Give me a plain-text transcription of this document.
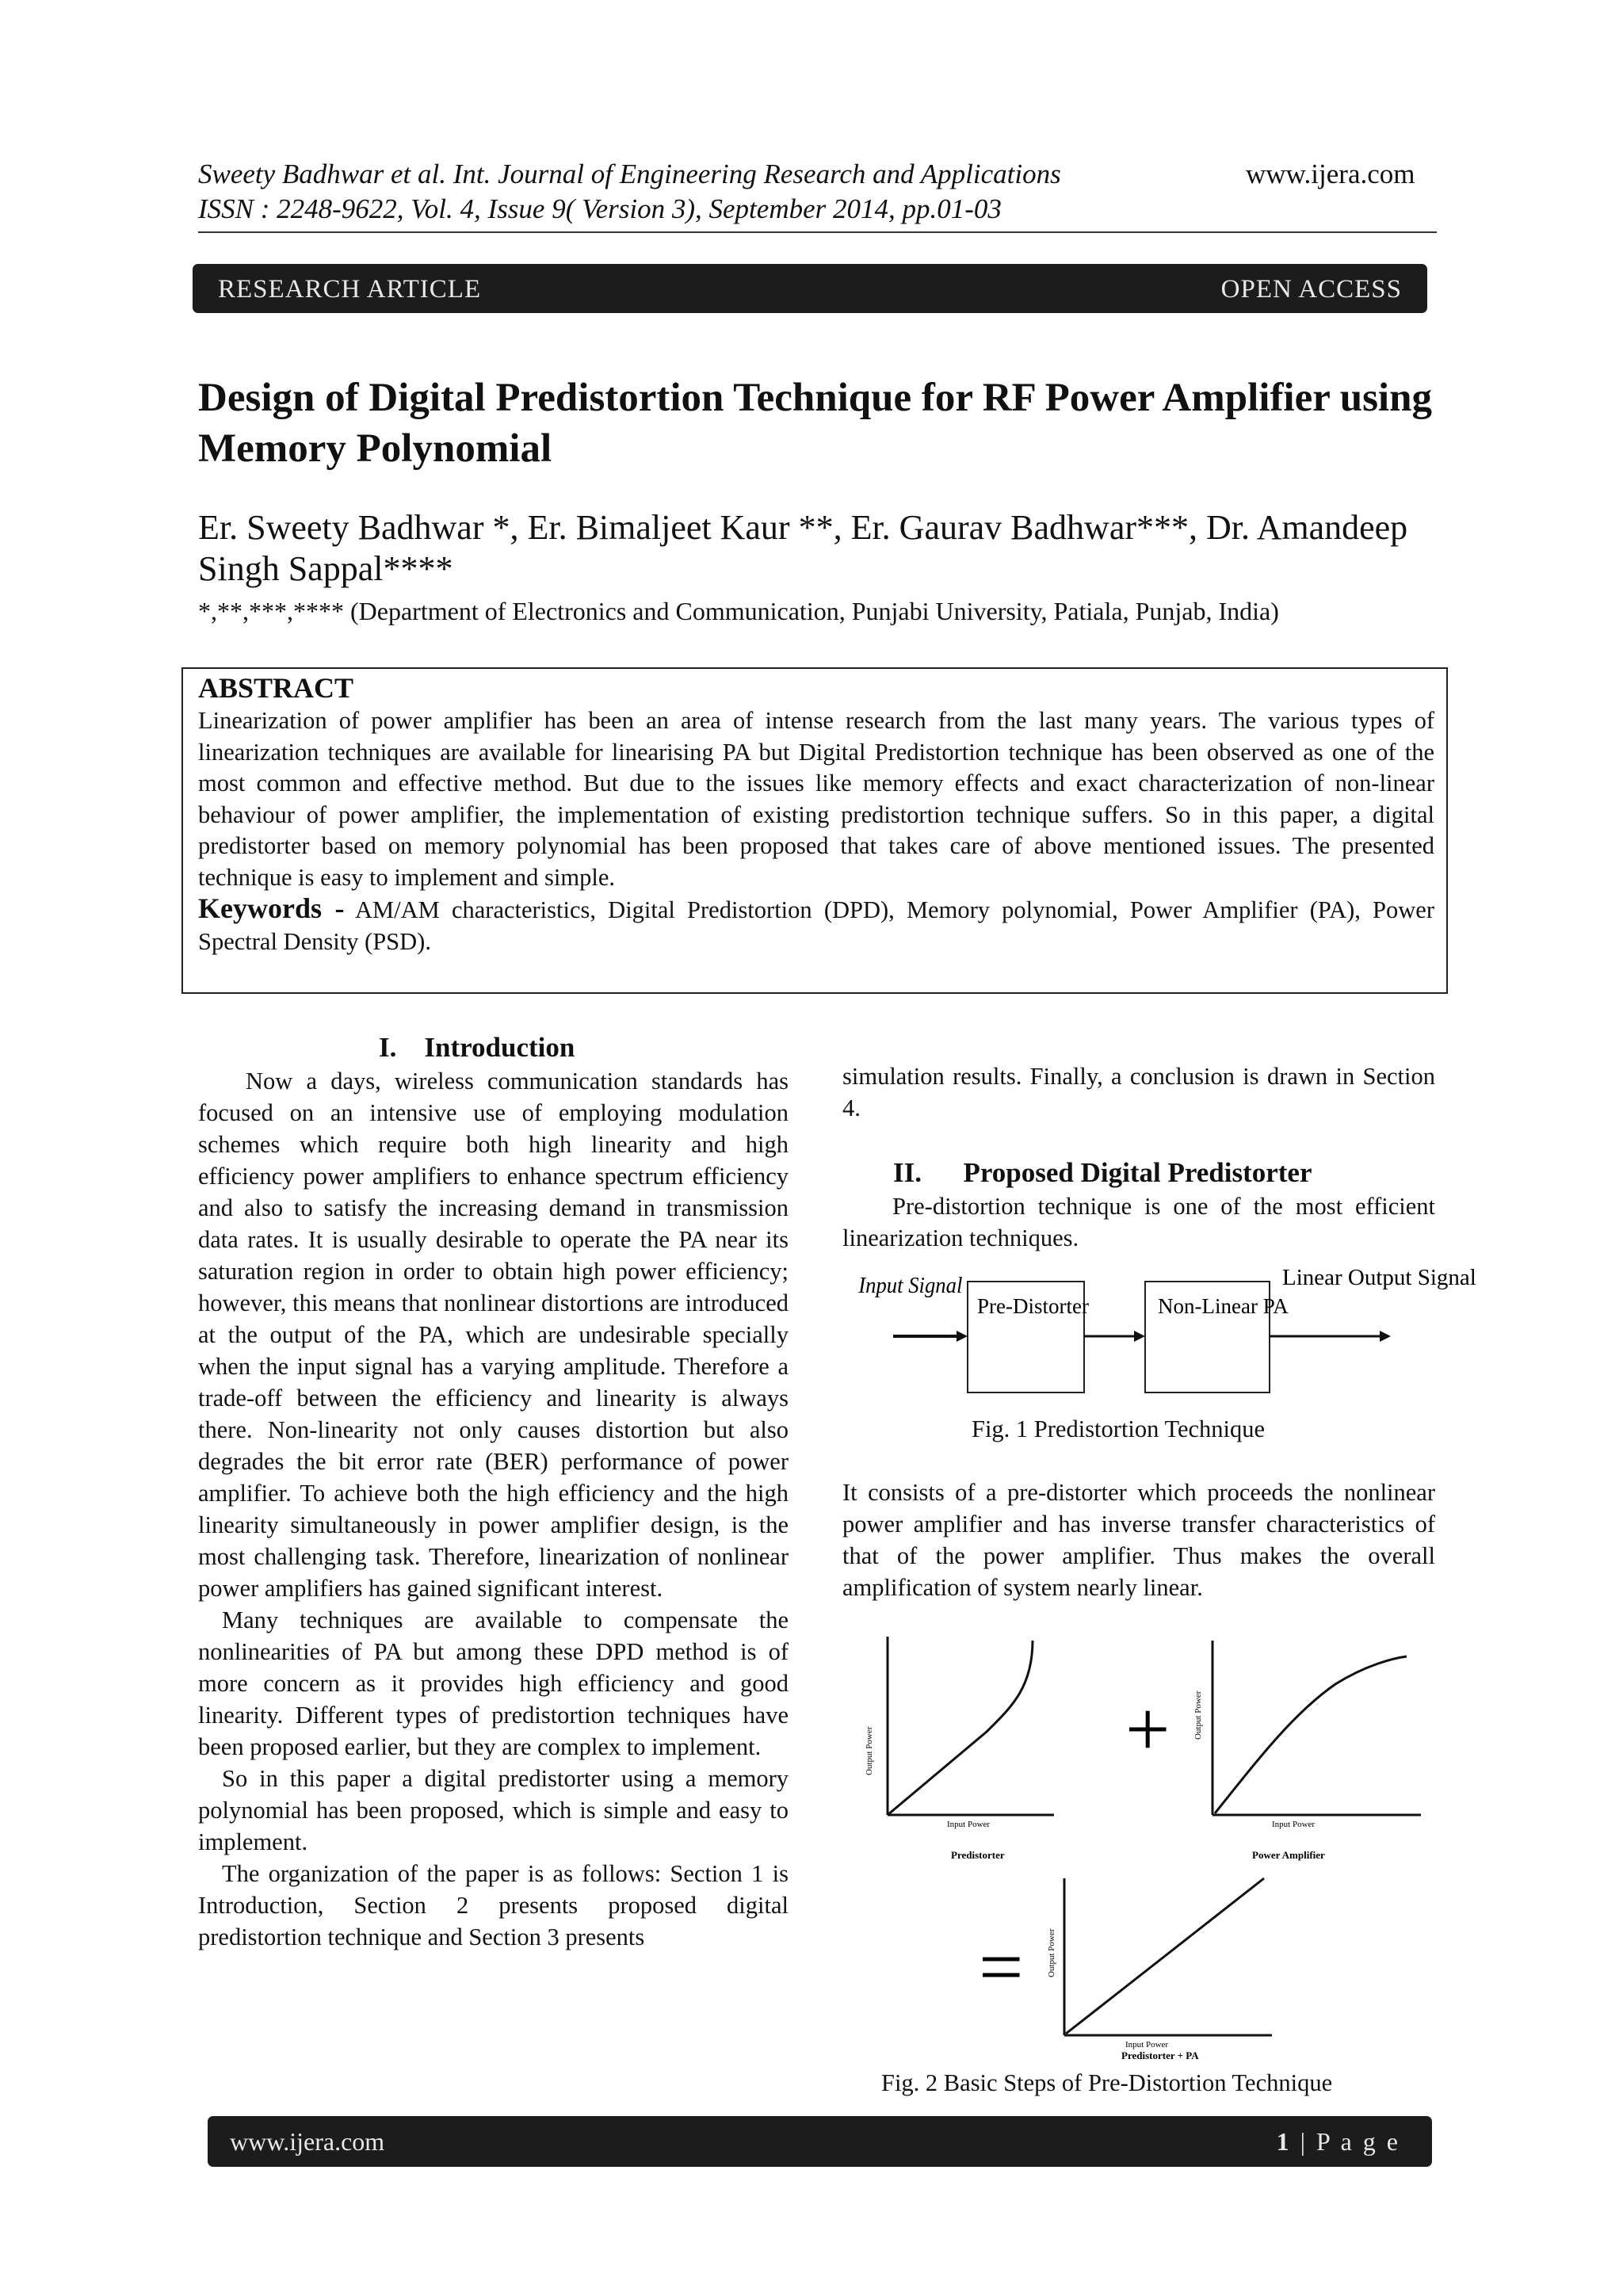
Sweety Badhwar et al. Int. Journal of Engineering Research and Applications	www.ijera.com
ISSN : 2248-9622, Vol. 4, Issue 9( Version 3), September 2014, pp.01-03
RESEARCH ARTICLE	OPEN ACCESS
Design of Digital Predistortion Technique for RF Power Amplifier using Memory Polynomial
Er. Sweety Badhwar *, Er. Bimaljeet Kaur **, Er. Gaurav Badhwar***, Dr. Amandeep Singh Sappal****
*,**,***,**** (Department of Electronics and Communication, Punjabi University, Patiala, Punjab, India)
ABSTRACT
Linearization of power amplifier has been an area of intense research from the last many years. The various types of linearization techniques are available for linearising PA but Digital Predistortion technique has been observed as one of the most common and effective method. But due to the issues like memory effects and exact characterization of non-linear behaviour of power amplifier, the implementation of existing predistortion technique suffers. So in this paper, a digital predistorter based on memory polynomial has been proposed that takes care of above mentioned issues. The presented technique is easy to implement and simple.
Keywords - AM/AM characteristics, Digital Predistortion (DPD), Memory polynomial, Power Amplifier (PA), Power Spectral Density (PSD).
I.    Introduction
Now a days, wireless communication standards has focused on an intensive use of employing modulation schemes which require both high linearity and high efficiency power amplifiers to enhance spectrum efficiency and also to satisfy the increasing demand in transmission data rates. It is usually desirable to operate the PA near its saturation region in order to obtain high power efficiency; however, this means that nonlinear distortions are introduced at the output of the PA, which are undesirable specially when the input signal has a varying amplitude. Therefore a trade-off between the efficiency and linearity is always there. Non-linearity not only causes distortion but also degrades the bit error rate (BER) performance of power amplifier. To achieve both the high efficiency and the high linearity simultaneously in power amplifier design, is the most challenging task. Therefore, linearization of nonlinear power amplifiers has gained significant interest.
Many techniques are available to compensate the nonlinearities of PA but among these DPD method is of more concern as it provides high efficiency and good linearity. Different types of predistortion techniques have been proposed earlier, but they are complex to implement.
So in this paper a digital predistorter using a memory polynomial has been proposed, which is simple and easy to implement.
The organization of the paper is as follows: Section 1 is Introduction, Section 2 presents proposed digital predistortion technique and Section 3 presents
simulation results. Finally, a conclusion is drawn in Section 4.
II.      Proposed Digital Predistorter
Pre-distortion technique is one of the most efficient linearization techniques.
Input Signal
Pre-Distorter	Non-Linear PA
Linear Output Signal
Fig. 1 Predistortion Technique
It consists of a pre-distorter which proceeds the nonlinear power amplifier and has inverse transfer characteristics of that of the power amplifier. Thus makes the overall amplification of system nearly linear.
Output Power
Input Power
Predistorter
+	Output Power
Input Power
Power Amplifier
=	Output Power
Input Power
Predistorter + PA
Fig. 2 Basic Steps of Pre-Distortion Technique
www.ijera.com	1 | P a g e
